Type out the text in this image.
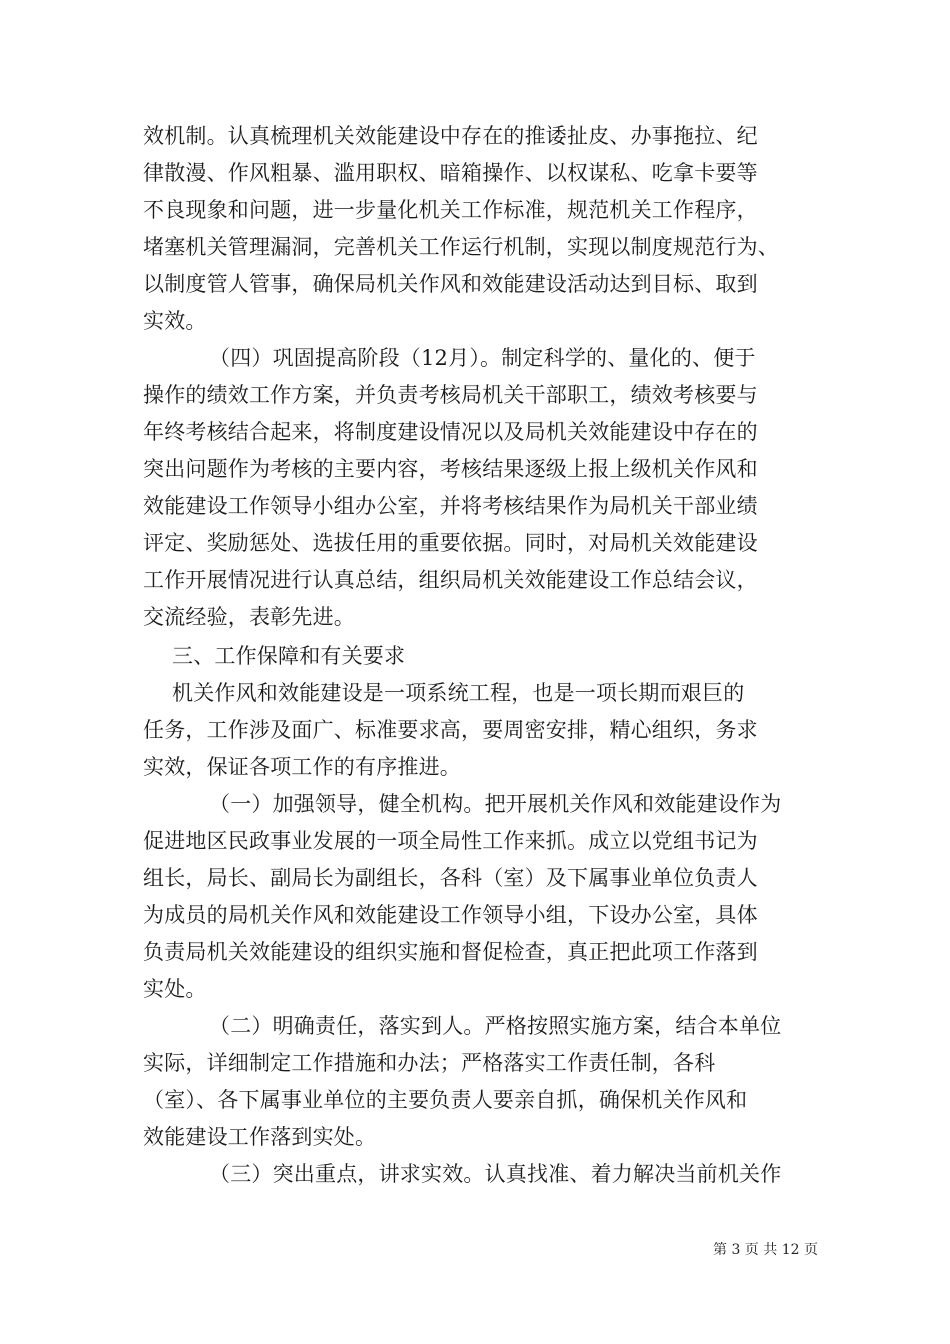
效机制。认真梳理机关效能建设中存在的推诿扯皮、办事拖拉、纪
律散漫、作风粗暴、滥用职权、暗箱操作、以权谋私、吃拿卡要等
不良现象和问题，进一步量化机关工作标准，规范机关工作程序，
堵塞机关管理漏洞，完善机关工作运行机制，实现以制度规范行为、
以制度管人管事，确保局机关作风和效能建设活动达到目标、取到
实效。
（四）巩固提高阶段（12月）。制定科学的、量化的、便于
操作的绩效工作方案，并负责考核局机关干部职工，绩效考核要与
年终考核结合起来，将制度建设情况以及局机关效能建设中存在的
突出问题作为考核的主要内容，考核结果逐级上报上级机关作风和
效能建设工作领导小组办公室，并将考核结果作为局机关干部业绩
评定、奖励惩处、选拔任用的重要依据。同时，对局机关效能建设
工作开展情况进行认真总结，组织局机关效能建设工作总结会议，
交流经验，表彰先进。
三、工作保障和有关要求
机关作风和效能建设是一项系统工程，也是一项长期而艰巨的
任务，工作涉及面广、标准要求高，要周密安排，精心组织，务求
实效，保证各项工作的有序推进。
（一）加强领导，健全机构。把开展机关作风和效能建设作为
促进地区民政事业发展的一项全局性工作来抓。成立以党组书记为
组长，局长、副局长为副组长，各科（室）及下属事业单位负责人
为成员的局机关作风和效能建设工作领导小组，下设办公室，具体
负责局机关效能建设的组织实施和督促检查，真正把此项工作落到
实处。
（二）明确责任，落实到人。严格按照实施方案，结合本单位
实际，详细制定工作措施和办法；严格落实工作责任制，各科
（室）、各下属事业单位的主要负责人要亲自抓，确保机关作风和
效能建设工作落到实处。
（三）突出重点，讲求实效。认真找准、着力解决当前机关作
第 3 页 共 12 页
